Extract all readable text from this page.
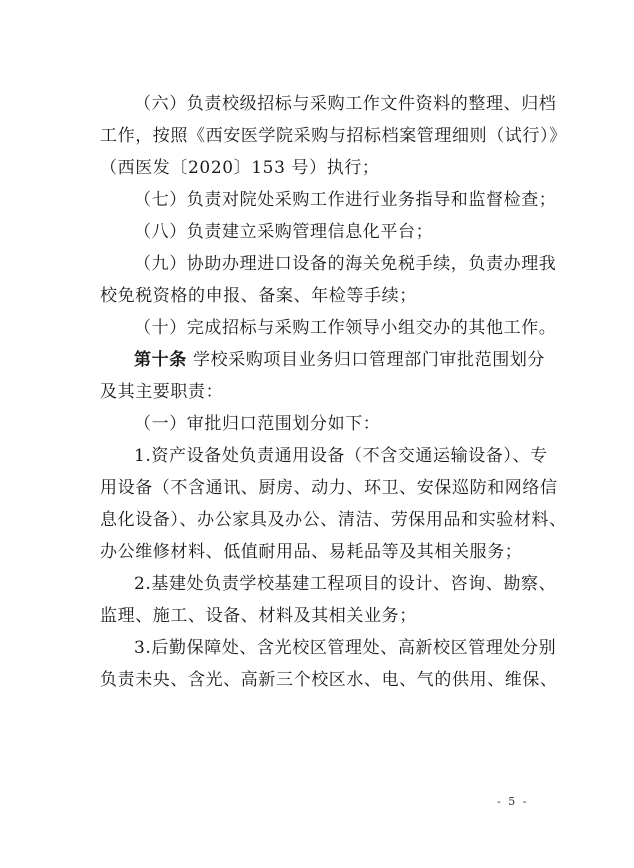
（六）负责校级招标与采购工作文件资料的整理、归档
工作，按照《西安医学院采购与招标档案管理细则（试行）》
（西医发〔2020〕153 号）执行；
（七）负责对院处采购工作进行业务指导和监督检查；
（八）负责建立采购管理信息化平台；
（九）协助办理进口设备的海关免税手续，负责办理我
校免税资格的申报、备案、年检等手续；
（十）完成招标与采购工作领导小组交办的其他工作。
第十条  学校采购项目业务归口管理部门审批范围划分
及其主要职责：
（一）审批归口范围划分如下：
1.资产设备处负责通用设备（不含交通运输设备）、专
用设备（不含通讯、厨房、动力、环卫、安保巡防和网络信
息化设备）、办公家具及办公、清洁、劳保用品和实验材料、
办公维修材料、低值耐用品、易耗品等及其相关服务；
2.基建处负责学校基建工程项目的设计、咨询、勘察、
监理、施工、设备、材料及其相关业务；
3.后勤保障处、含光校区管理处、高新校区管理处分别
负责未央、含光、高新三个校区水、电、气的供用、维保、
- 5 -
